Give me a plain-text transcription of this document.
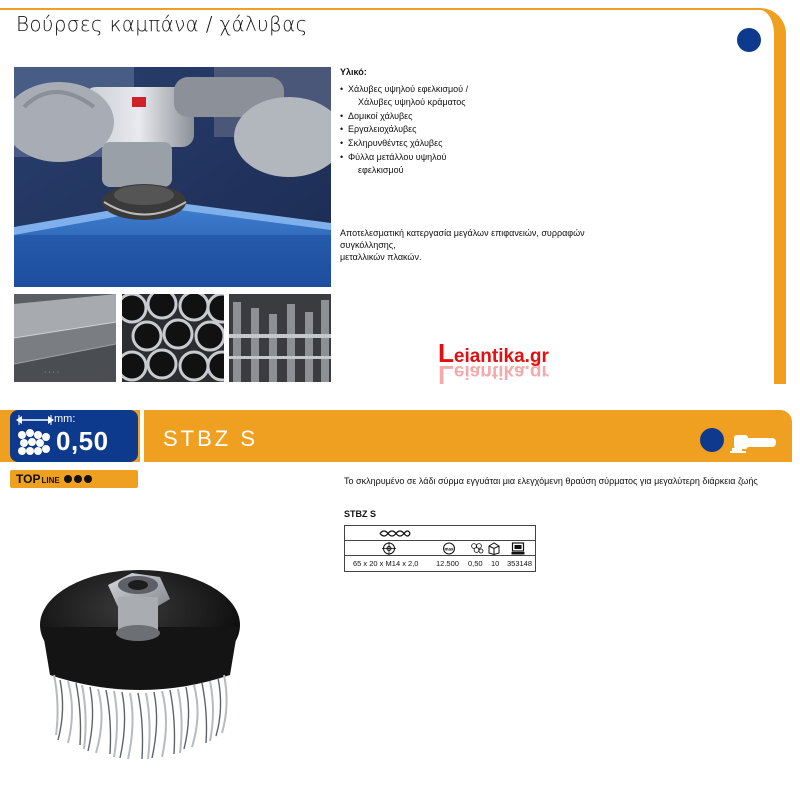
Βούρσες καμπάνα / χάλυβας
· · · ·
Υλικό:
• Χάλυβες υψηλού εφελκισμού /
Χάλυβες υψηλού κράματος
• Δομικοί χάλυβες
• Εργαλειοχάλυβες
• Σκληρυνθέντες χάλυβες
• Φύλλα μετάλλου υψηλού
εφελκισμού
Αποτελεσματική κατεργασία μεγάλων επιφανειών, συρραφών συγκόλλησης,
μεταλλικών πλακών.
Leiantika.gr
Leiantika.gr
mm:
0,50 STBZ S
TOP LINE	Το σκληρυμένο σε λάδι σύρμα εγγυάται μια ελεγχόμενη θραύση σύρματος για μεγαλύτερη διάρκεια ζωής
STBZ S
max
65 x 20 x M14 x 2,0 12.500 0,50 10 353148
